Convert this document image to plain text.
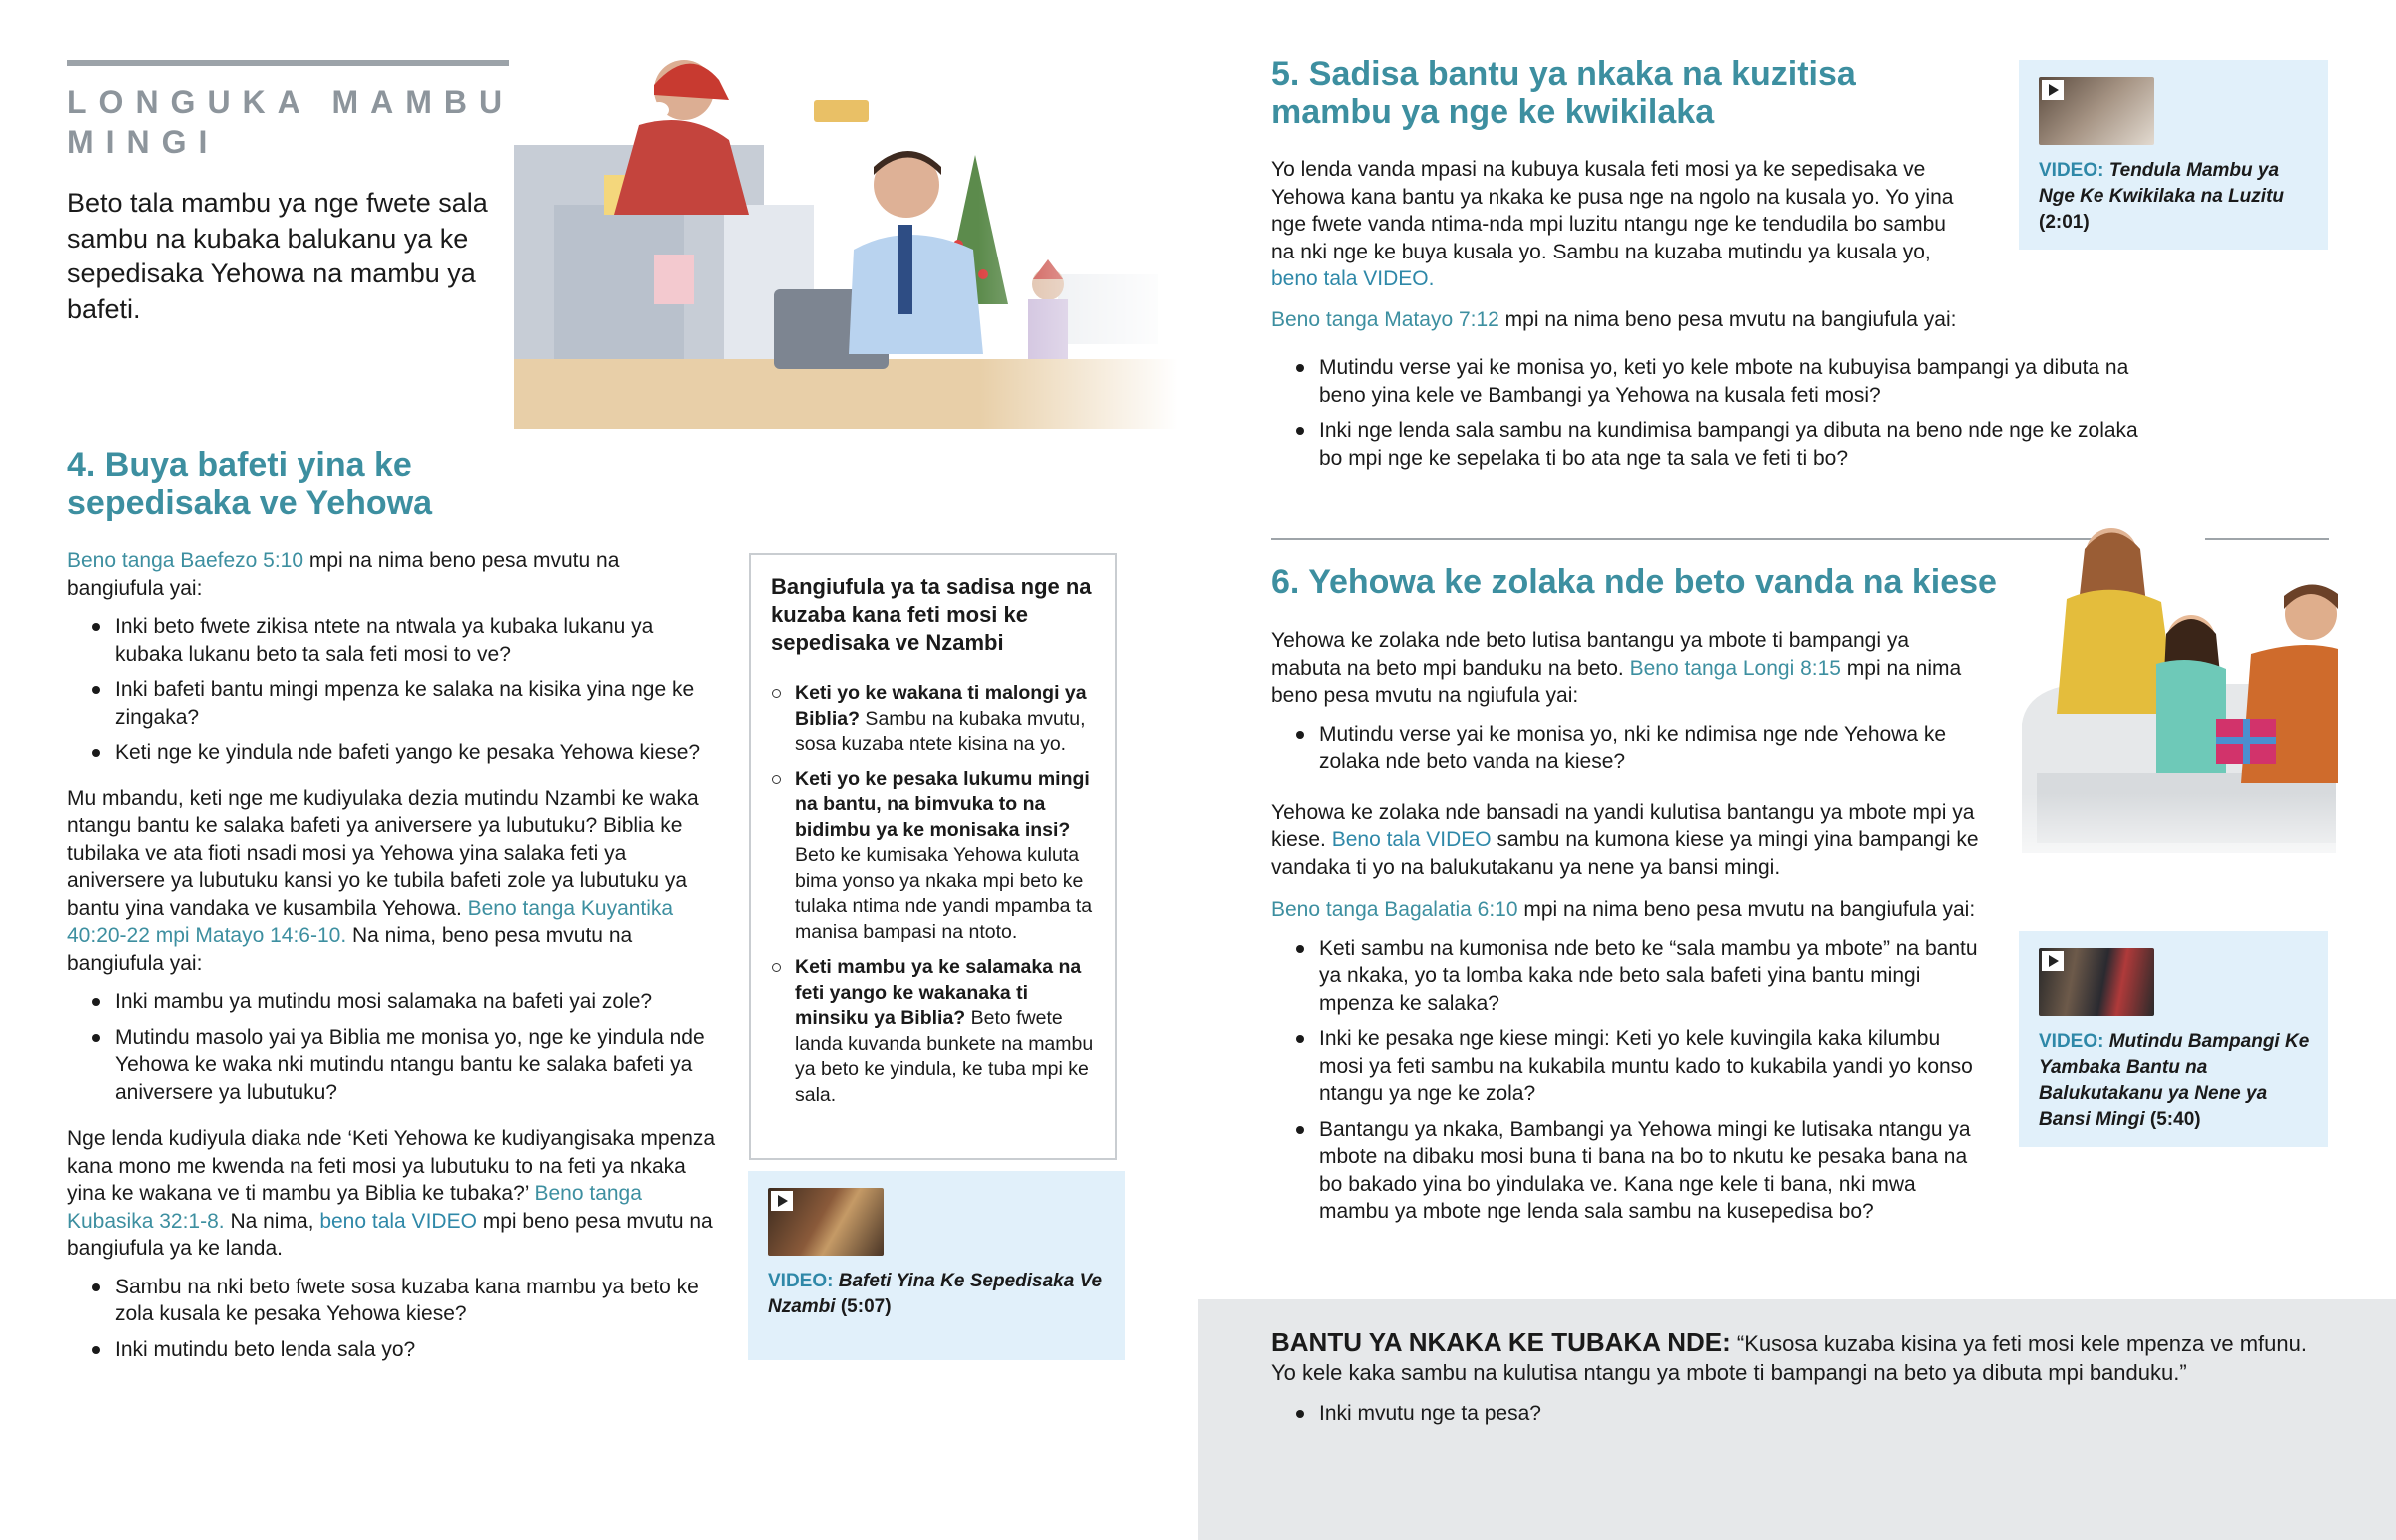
LONGUKA MAMBU MINGI

Beto tala mambu ya nge fwete sala sambu na kubaka balukanu ya ke sepedisaka Yehowa na mambu ya bafeti.

4. Buya bafeti yina ke sepedisaka ve Yehowa

Beno tanga Baefezo 5:10 mpi na nima beno pesa mvutu na bangiufula yai:

Inki beto fwete zikisa ntete na ntwala ya kubaka lukanu ya kubaka lukanu beto ta sala feti mosi to ve?
Inki bafeti bantu mingi mpenza ke salaka na kisika yina nge ke zingaka?
Keti nge ke yindula nde bafeti yango ke pesaka Yehowa kiese?

Mu mbandu, keti nge me kudiyulaka dezia mutindu Nzambi ke waka ntangu bantu ke salaka bafeti ya aniversere ya lubutuku? Biblia ke tubilaka ve ata fioti nsadi mosi ya Yehowa yina salaka feti ya aniversere ya lubutuku kansi yo ke tubila bafeti zole ya lubutuku ya bantu yina vandaka ve kusambila Yehowa. Beno tanga Kuyantika 40:20-22 mpi Matayo 14:6-10. Na nima, beno pesa mvutu na bangiufula yai:

Inki mambu ya mutindu mosi salamaka na bafeti yai zole?
Mutindu masolo yai ya Biblia me monisa yo, nge ke yindula nde Yehowa ke waka nki mutindu ntangu bantu ke salaka bafeti ya aniversere ya lubutuku?

Nge lenda kudiyula diaka nde ‘Keti Yehowa ke kudiyangisaka mpenza kana mono me kwenda na feti mosi ya lubutuku to na feti ya nkaka yina ke wakana ve ti mambu ya Biblia ke tubaka?’ Beno tanga Kubasika 32:1-8. Na nima, beno tala VIDEO mpi beno pesa mvutu na bangiufula ya ke landa.

Sambu na nki beto fwete sosa kuzaba kana mambu ya beto ke zola kusala ke pesaka Yehowa kiese?
Inki mutindu beto lenda sala yo?
Bangiufula ya ta sadisa nge na kuzaba kana feti mosi ke sepedisaka ve Nzambi
Keti yo ke wakana ti malongi ya Biblia? Sambu na kubaka mvutu, sosa kuzaba ntete kisina na yo.
Keti yo ke pesaka lukumu mingi na bantu, na bimvuka to na bidimbu ya ke monisaka insi? Beto ke kumisaka Yehowa kuluta bima yonso ya nkaka mpi beto ke tulaka ntima nde yandi mpamba ta manisa bampasi na ntoto.
Keti mambu ya ke salamaka na feti yango ke wakanaka ti minsiku ya Biblia? Beto fwete landa kuvanda bunkete na mambu ya beto ke yindula, ke tuba mpi ke sala.
VIDEO: Bafeti Yina Ke Sepedisaka Ve Nzambi (5:07)
5. Sadisa bantu ya nkaka na kuzitisa mambu ya nge ke kwikilaka
VIDEO: Tendula Mambu ya Nge Ke Kwikilaka na Luzitu (2:01)

Yo lenda vanda mpasi na kubuya kusala feti mosi ya ke sepedisaka ve Yehowa kana bantu ya nkaka ke pusa nge na ngolo na kusala yo. Yo yina nge fwete vanda ntima-nda mpi luzitu ntangu nge ke tendudila bo sambu na nki nge ke buya kusala yo. Sambu na kuzaba mutindu ya kusala yo, beno tala VIDEO.

Beno tanga Matayo 7:12 mpi na nima beno pesa mvutu na bangiufula yai:

Mutindu verse yai ke monisa yo, keti yo kele mbote na kubuyisa bampangi ya dibuta na beno yina kele ve Bambangi ya Yehowa na kusala feti mosi?
Inki nge lenda sala sambu na kundimisa bampangi ya dibuta na beno nde nge ke zolaka bo mpi nge ke sepelaka ti bo ata nge ta sala ve feti ti bo?
6. Yehowa ke zolaka nde beto vanda na kiese

Yehowa ke zolaka nde beto lutisa bantangu ya mbote ti bampangi ya mabuta na beto mpi banduku na beto. Beno tanga Longi 8:15 mpi na nima beno pesa mvutu na ngiufula yai:

Mutindu verse yai ke monisa yo, nki ke ndimisa nge nde Yehowa ke zolaka nde beto vanda na kiese?

Yehowa ke zolaka nde bansadi na yandi kulutisa bantangu ya mbote mpi ya kiese. Beno tala VIDEO sambu na kumona kiese ya mingi yina bampangi ke vandaka ti yo na balukutakanu ya nene ya bansi mingi.

Beno tanga Bagalatia 6:10 mpi na nima beno pesa mvutu na bangiufula yai:

Keti sambu na kumonisa nde beto ke “sala mambu ya mbote” na bantu ya nkaka, yo ta lomba kaka nde beto sala bafeti yina bantu mingi mpenza ke salaka?
Inki ke pesaka nge kiese mingi: Keti yo kele kuvingila kaka kilumbu mosi ya feti sambu na kukabila muntu kado to kukabila yandi yo konso ntangu ya nge ke zola?
Bantangu ya nkaka, Bambangi ya Yehowa mingi ke lutisaka ntangu ya mbote na dibaku mosi buna ti bana na bo to nkutu ke pesaka bana na bo bakado yina bo yindulaka ve. Kana nge kele ti bana, nki mwa mambu ya mbote nge lenda sala sambu na kusepedisa bo?
VIDEO: Mutindu Bampangi Ke Yambaka Bantu na Balukutakanu ya Nene ya Bansi Mingi (5:40)

BANTU YA NKAKA KE TUBAKA NDE: “Kusosa kuzaba kisina ya feti mosi kele mpenza ve mfunu. Yo kele kaka sambu na kulutisa ntangu ya mbote ti bampangi na beto ya dibuta mpi banduku.”

Inki mvutu nge ta pesa?
